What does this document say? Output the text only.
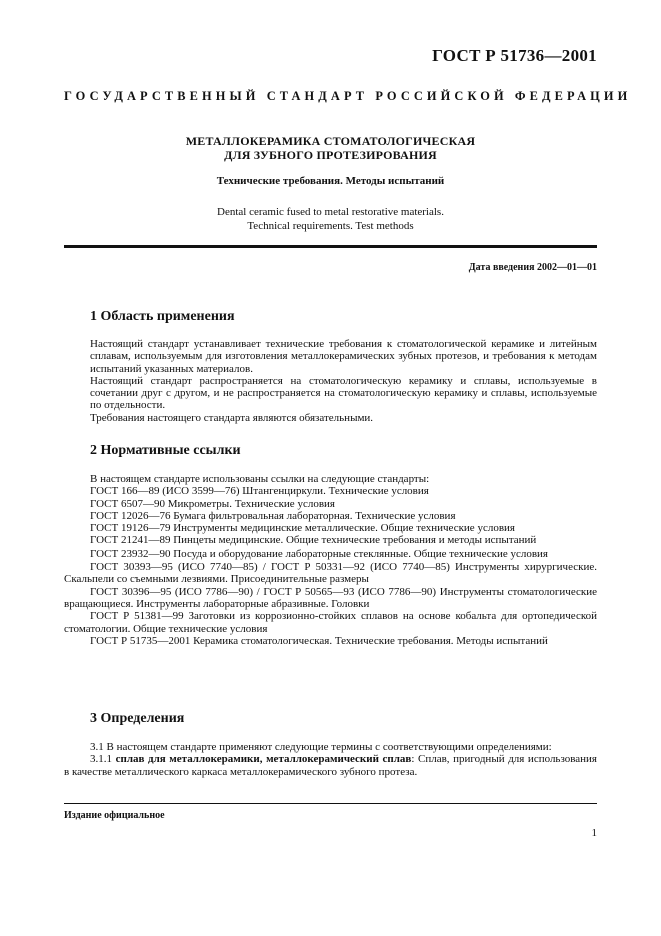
ГОСТ Р 51736—2001
ГОСУДАРСТВЕННЫЙ СТАНДАРТ РОССИЙСКОЙ ФЕДЕРАЦИИ
МЕТАЛЛОКЕРАМИКА СТОМАТОЛОГИЧЕСКАЯ
ДЛЯ ЗУБНОГО ПРОТЕЗИРОВАНИЯ
Технические требования. Методы испытаний
Dental ceramic fused to metal restorative materials.
Technical requirements. Test methods
Дата введения 2002—01—01
1 Область применения

Настоящий стандарт устанавливает технические требования к стоматологической керамике и литейным сплавам, используемым для изготовления металлокерамических зубных протезов, и требования к методам испытаний указанных материалов.

Настоящий стандарт распространяется на стоматологическую керамику и сплавы, используемые в сочетании друг с другом, и не распространяется на стоматологическую керамику и сплавы, используемые по отдельности.

Требования настоящего стандарта являются обязательными.

2 Нормативные ссылки

В настоящем стандарте использованы ссылки на следующие стандарты:

ГОСТ 166—89 (ИСО 3599—76) Штангенциркули. Технические условия

ГОСТ 6507—90 Микрометры. Технические условия

ГОСТ 12026—76 Бумага фильтровальная лабораторная. Технические условия

ГОСТ 19126—79 Инструменты медицинские металлические. Общие технические условия

ГОСТ 21241—89 Пинцеты медицинские. Общие технические требования и методы испытаний

ГОСТ 23932—90 Посуда и оборудование лабораторные стеклянные. Общие технические условия

ГОСТ 30393—95 (ИСО 7740—85) / ГОСТ Р 50331—92 (ИСО 7740—85) Инструменты хирургические. Скальпели со съемными лезвиями. Присоединительные размеры

ГОСТ 30396—95 (ИСО 7786—90) / ГОСТ Р 50565—93 (ИСО 7786—90) Инструменты стоматологические вращающиеся. Инструменты лабораторные абразивные. Головки

ГОСТ Р 51381—99 Заготовки из коррозионно-стойких сплавов на основе кобальта для ортопедической стоматологии. Общие технические условия

ГОСТ Р 51735—2001 Керамика стоматологическая. Технические требования. Методы испытаний

3 Определения

3.1 В настоящем стандарте применяют следующие термины с соответствующими определениями:

3.1.1 сплав для металлокерамики, металлокерамический сплав: Сплав, пригодный для использования в качестве металлического каркаса металлокерамического зубного протеза.

Издание официальное
1
